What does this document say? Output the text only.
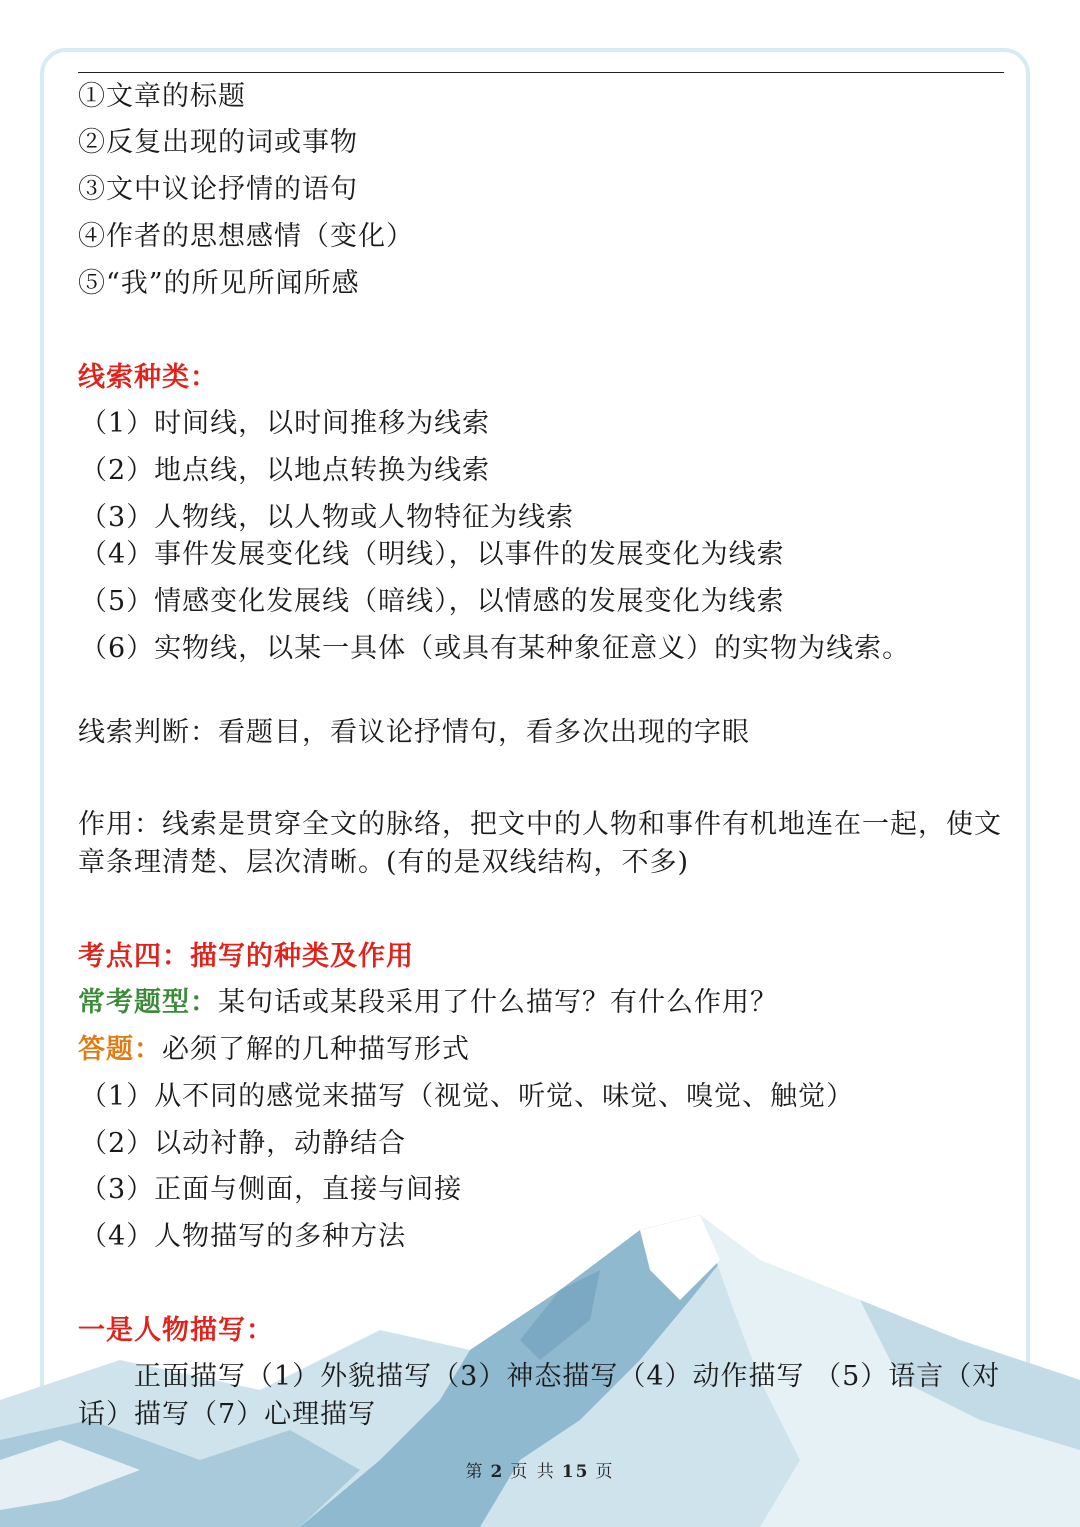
①文章的标题
②反复出现的词或事物
③文中议论抒情的语句
④作者的思想感情（变化）
⑤“我”的所见所闻所感
线索种类：
（1）时间线，以时间推移为线索
（2）地点线，以地点转换为线索
（3）人物线，以人物或人物特征为线索
（4）事件发展变化线（明线），以事件的发展变化为线索
（5）情感变化发展线（暗线），以情感的发展变化为线索
（6）实物线，以某一具体（或具有某种象征意义）的实物为线索。
线索判断：看题目，看议论抒情句，看多次出现的字眼
作用：线索是贯穿全文的脉络，把文中的人物和事件有机地连在一起，使文章条理清楚、层次清晰。(有的是双线结构，不多)
考点四：描写的种类及作用
常考题型：某句话或某段采用了什么描写？有什么作用？
答题：必须了解的几种描写形式
（1）从不同的感觉来描写（视觉、听觉、味觉、嗅觉、触觉）
（2）以动衬静，动静结合
（3）正面与侧面，直接与间接
（4）人物描写的多种方法
一是人物描写：
正面描写（1）外貌描写（3）神态描写（4）动作描写 （5）语言（对话）描写（7）心理描写
第 2 页 共 15 页
